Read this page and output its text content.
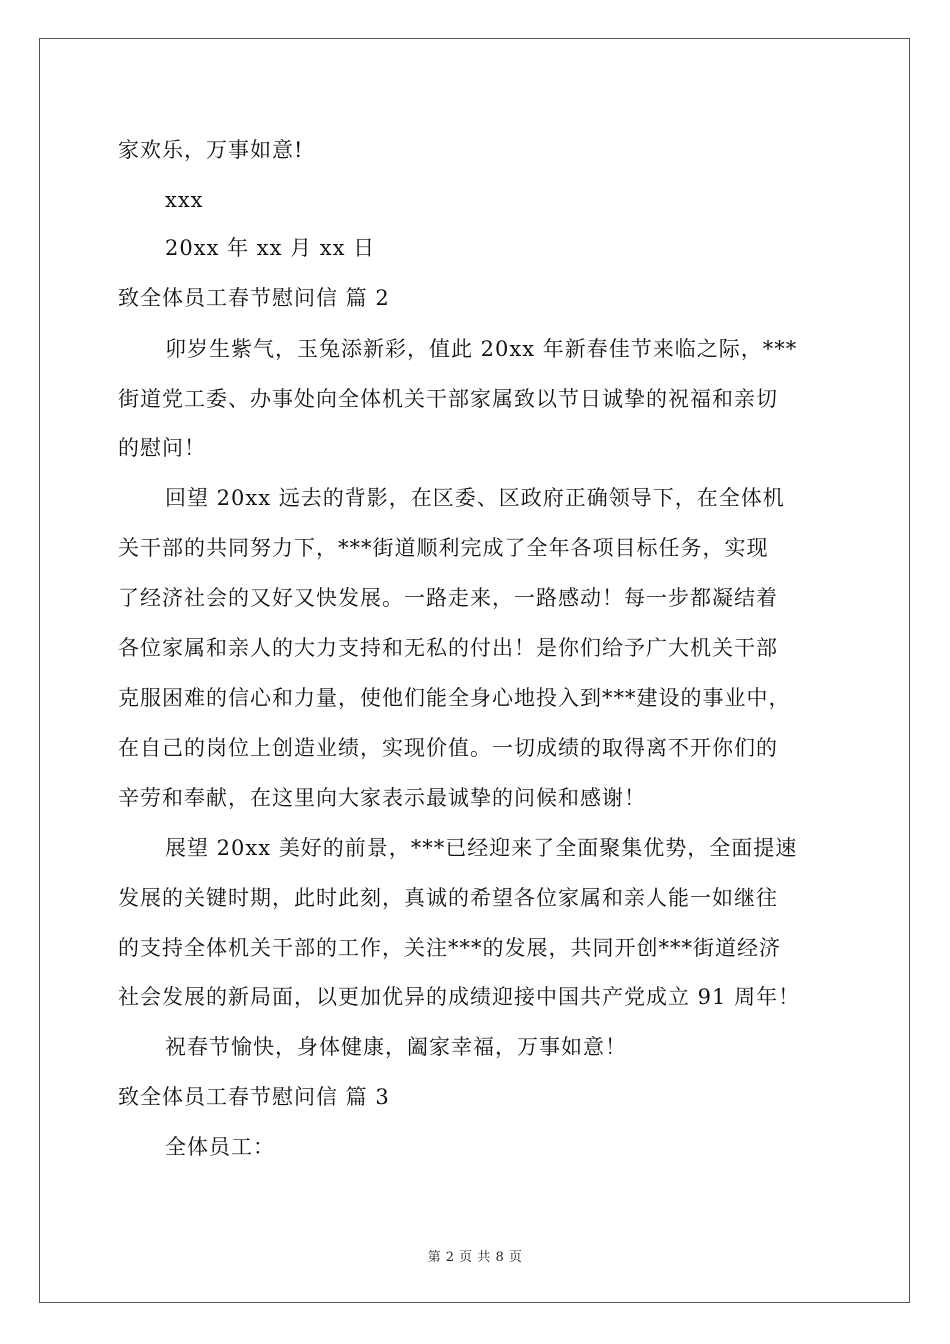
家欢乐，万事如意!
xxx
20xx 年 xx 月 xx 日
致全体员工春节慰问信 篇 2
卯岁生紫气，玉兔添新彩，值此 20xx 年新春佳节来临之际，***
街道党工委、办事处向全体机关干部家属致以节日诚挚的祝福和亲切
的慰问！
回望 20xx 远去的背影，在区委、区政府正确领导下，在全体机
关干部的共同努力下，***街道顺利完成了全年各项目标任务，实现
了经济社会的又好又快发展。一路走来，一路感动！每一步都凝结着
各位家属和亲人的大力支持和无私的付出！是你们给予广大机关干部
克服困难的信心和力量，使他们能全身心地投入到***建设的事业中，
在自己的岗位上创造业绩，实现价值。一切成绩的取得离不开你们的
辛劳和奉献，在这里向大家表示最诚挚的问候和感谢！
展望 20xx 美好的前景，***已经迎来了全面聚集优势，全面提速
发展的关键时期，此时此刻，真诚的希望各位家属和亲人能一如继往
的支持全体机关干部的工作，关注***的发展，共同开创***街道经济
社会发展的新局面，以更加优异的成绩迎接中国共产党成立 91 周年！
祝春节愉快，身体健康，阖家幸福，万事如意！
致全体员工春节慰问信 篇 3
全体员工：
第 2 页 共 8 页
